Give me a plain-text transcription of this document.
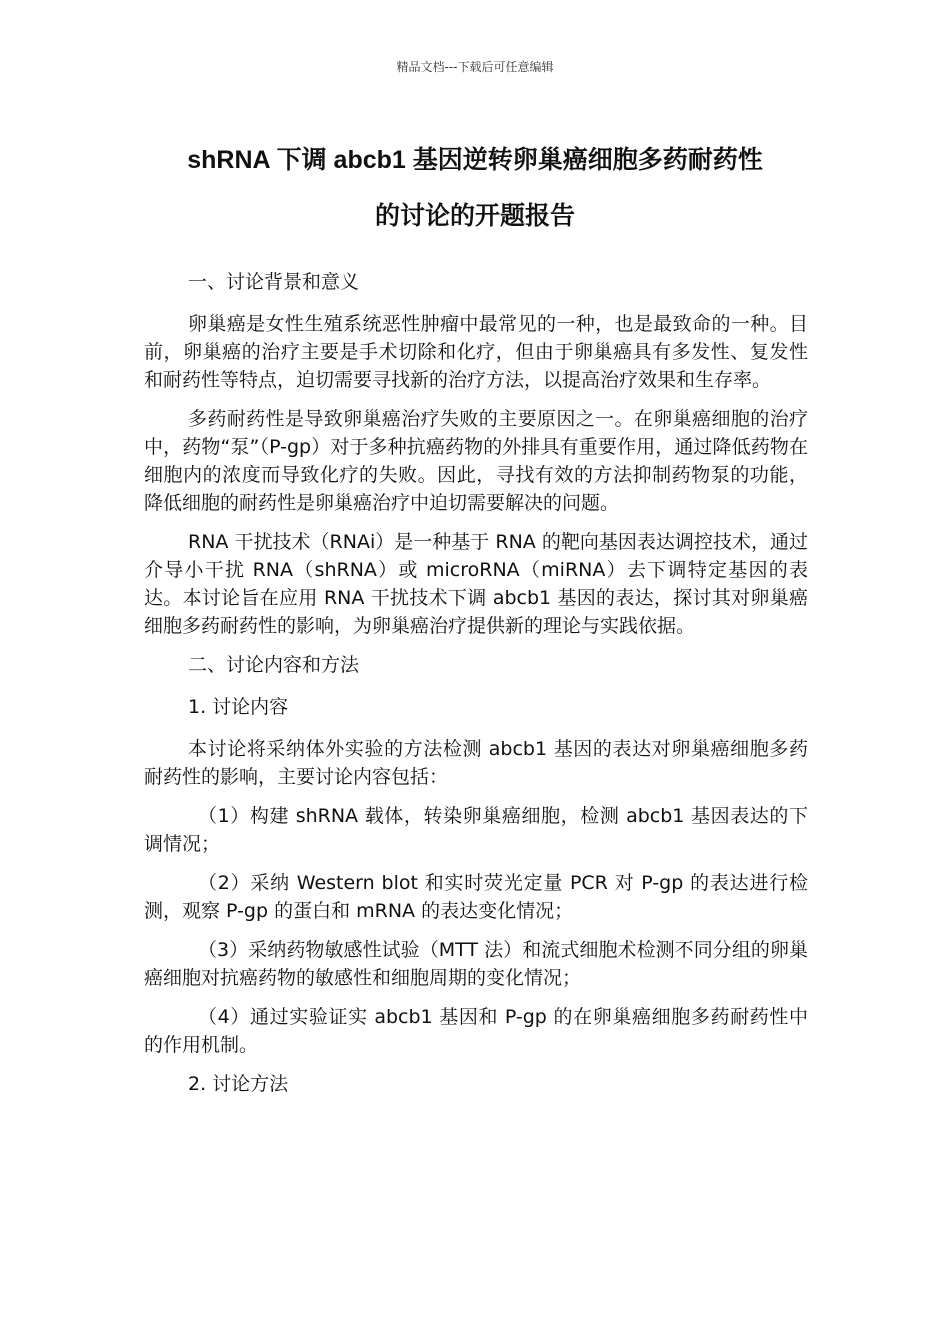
精品文档---下载后可任意编辑
shRNA 下调 abcb1 基因逆转卵巢癌细胞多药耐药性
的讨论的开题报告

一、讨论背景和意义

卵巢癌是女性生殖系统恶性肿瘤中最常见的一种，也是最致命的一种。目前，卵巢癌的治疗主要是手术切除和化疗，但由于卵巢癌具有多发性、复发性和耐药性等特点，迫切需要寻找新的治疗方法，以提高治疗效果和生存率。

多药耐药性是导致卵巢癌治疗失败的主要原因之一。在卵巢癌细胞的治疗中，药物“泵”（P-gp）对于多种抗癌药物的外排具有重要作用，通过降低药物在细胞内的浓度而导致化疗的失败。因此，寻找有效的方法抑制药物泵的功能，降低细胞的耐药性是卵巢癌治疗中迫切需要解决的问题。

RNA 干扰技术（RNAi）是一种基于 RNA 的靶向基因表达调控技术，通过介导小干扰 RNA（shRNA）或 microRNA（miRNA）去下调特定基因的表达。本讨论旨在应用 RNA 干扰技术下调 abcb1 基因的表达，探讨其对卵巢癌细胞多药耐药性的影响，为卵巢癌治疗提供新的理论与实践依据。

二、讨论内容和方法

1. 讨论内容

本讨论将采纳体外实验的方法检测 abcb1 基因的表达对卵巢癌细胞多药耐药性的影响，主要讨论内容包括：

（1）构建 shRNA 载体，转染卵巢癌细胞，检测 abcb1 基因表达的下调情况；

（2）采纳 Western blot 和实时荧光定量 PCR 对 P-gp 的表达进行检测，观察 P-gp 的蛋白和 mRNA 的表达变化情况；

（3）采纳药物敏感性试验（MTT 法）和流式细胞术检测不同分组的卵巢癌细胞对抗癌药物的敏感性和细胞周期的变化情况；

（4）通过实验证实 abcb1 基因和 P-gp 的在卵巢癌细胞多药耐药性中的作用机制。

2. 讨论方法
